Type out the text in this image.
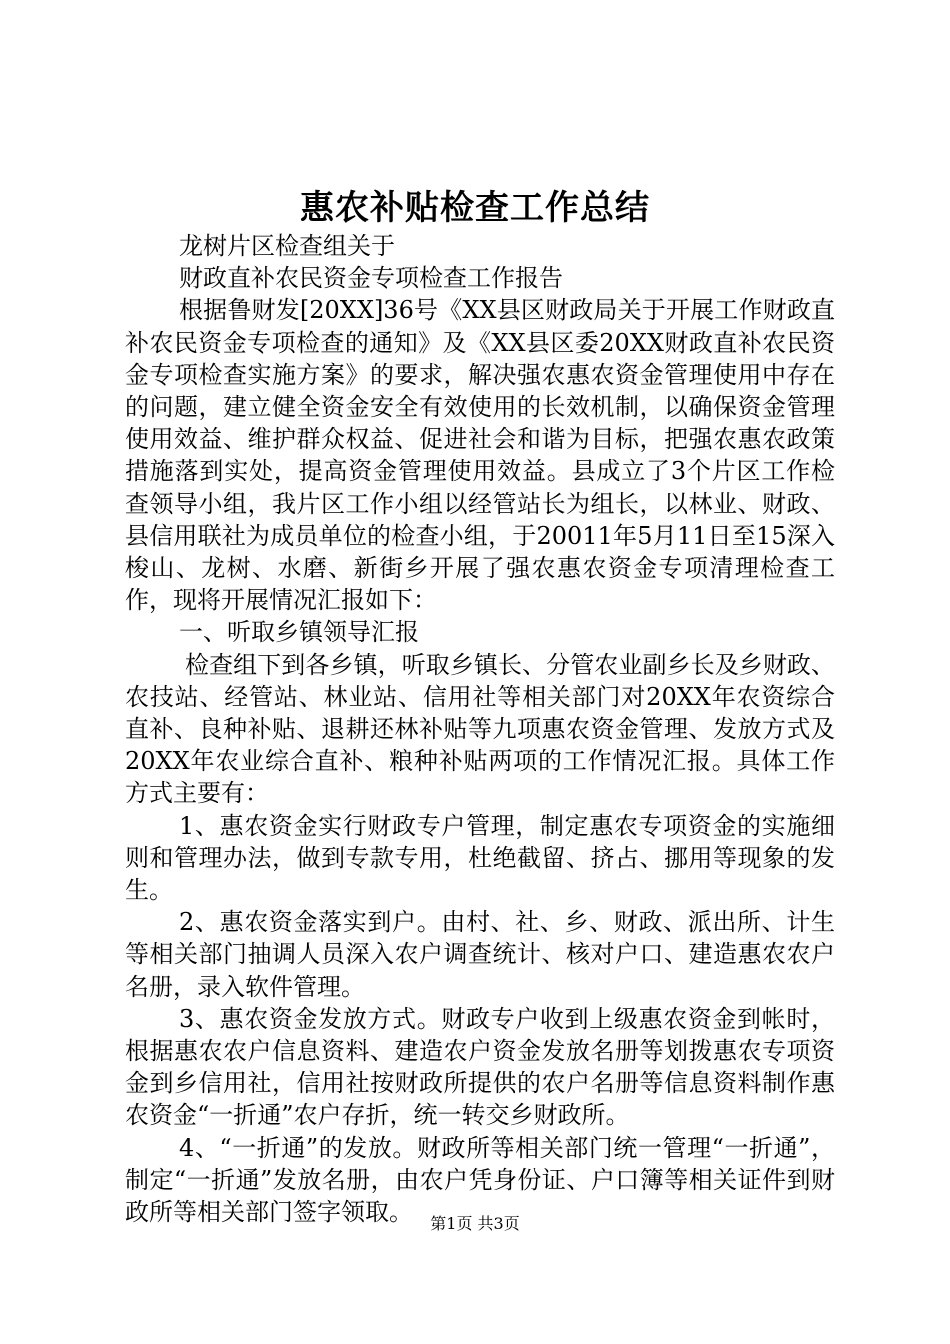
惠农补贴检查工作总结

龙树片区检查组关于

财政直补农民资金专项检查工作报告

根据鲁财发[20XX]36号《XX县区财政局关于开展工作财政直补农民资金专项检查的通知》及《XX县区委20XX财政直补农民资金专项检查实施方案》的要求，解决强农惠农资金管理使用中存在的问题，建立健全资金安全有效使用的长效机制，以确保资金管理使用效益、维护群众权益、促进社会和谐为目标，把强农惠农政策措施落到实处，提高资金管理使用效益。县成立了3个片区工作检查领导小组，我片区工作小组以经管站长为组长，以林业、财政、县信用联社为成员单位的检查小组，于20011年5月11日至15深入梭山、龙树、水磨、新街乡开展了强农惠农资金专项清理检查工作，现将开展情况汇报如下：

一、听取乡镇领导汇报

检查组下到各乡镇，听取乡镇长、分管农业副乡长及乡财政、农技站、经管站、林业站、信用社等相关部门对20XX年农资综合直补、良种补贴、退耕还林补贴等九项惠农资金管理、发放方式及20XX年农业综合直补、粮种补贴两项的工作情况汇报。具体工作方式主要有：

1、惠农资金实行财政专户管理，制定惠农专项资金的实施细则和管理办法，做到专款专用，杜绝截留、挤占、挪用等现象的发生。

2、惠农资金落实到户。由村、社、乡、财政、派出所、计生等相关部门抽调人员深入农户调查统计、核对户口、建造惠农农户名册，录入软件管理。

3、惠农资金发放方式。财政专户收到上级惠农资金到帐时，根据惠农农户信息资料、建造农户资金发放名册等划拨惠农专项资金到乡信用社，信用社按财政所提供的农户名册等信息资料制作惠农资金“一折通”农户存折，统一转交乡财政所。

4、“一折通”的发放。财政所等相关部门统一管理“一折通”，制定“一折通”发放名册，由农户凭身份证、户口簿等相关证件到财政所等相关部门签字领取。	第1页 共3页
